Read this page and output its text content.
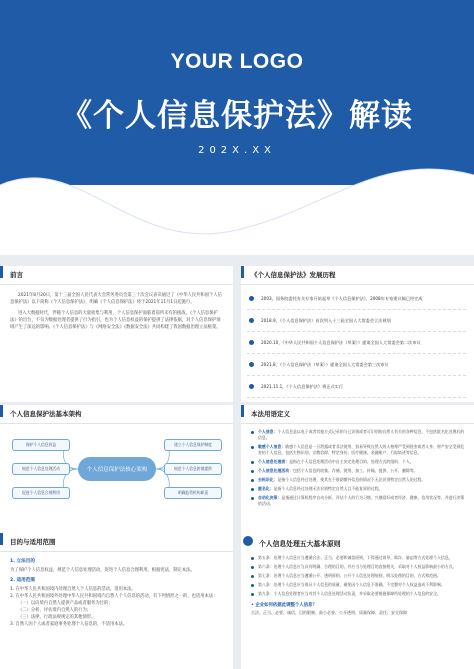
YOUR LOGO
《个人信息保护法》解读
202X.XX
前言

2021年8月20日，第十三届全国人民代表大会常务委员会第三十次会议表决通过了《中华人民共和国个人信息保护法》以下简称《个人信息保护法》，明确《个人信息保护法》将于2021年11月1日起施行。

进入大数据时代，伴随个人信息的大量收集与利用，个人信息保护面临着前所未有的挑战。《个人信息保护法》的出台，不仅为数据处理者提供了行为指引，也为个人信息权益的保护提供了法律依据，对个人信息保护领域产生了深远的影响。《个人信息保护法》与《网络安全法》《数据安全法》共同构建了我国数据治理立法框架。

《个人信息保护法》发展历程
2003，国务院委托有关专家开始起草《个人信息保护法》，2008年专家建议稿已经完成
2018.9，《个人信息保护法》首次列入十三届全国人大常委会立法规划
2020.10，《中华人民共和国个人信息保护法（草案）》提请全国人大常委会第二次审议
2021.8，《个人信息保护法（草案）》提请全国人大常委会第三次审议
2021.11.1，《个人信息保护法》将正式实行
个人信息保护法基本架构
个人信息保护法核心架构
保护个人信息权益
规范个人信息处理活动
促进个人信息合理利用
建立个人信息保护制度
规范个人信息跨境提供
明确监管机构职责
本法用语定义
个人信息：个人信息是以电子或者其他方式记录的与已识别或者可识别的自然人有关的各种信息，不包括匿名化处理后的信息。
敏感个人信息：敏感个人信息是一旦泄露或者非法使用，容易导致自然人的人格尊严受到侵害或者人身、财产安全受到危害的个人信息，包括生物识别、宗教信仰、特定身份、医疗健康、金融账户、行踪轨迹等信息。
个人信息处理者：是指在个人信息处理活动中自主决定处理目的、处理方式的组织、个人。
个人信息处理活动：包括个人信息的收集、存储、使用、加工、传输、提供、公开、删除等。
去标识化：是指个人信息经过处理，使其在不借助额外信息的情况下无法识别特定自然人的过程。
匿名化：是指个人信息经过处理无法识别特定自然人且不能复原的过程。
自动化决策：是指通过计算机程序自动分析、评估个人的行为习惯、兴趣爱好或者经济、健康、信用状况等，并进行决策的活动。
目的与适用范围
1. 立法目的
为了保护个人信息权益，规范个人信息处理活动，促进个人信息合理利用，根据宪法，制定本法。
2. 适用范围
1. 在中华人民共和国境内处理自然人个人信息的活动，适用本法。
2. 在中华人民共和国境外处理中华人民共和国境内自然人个人信息的活动，有下列情形之一的，也适用本法：
（一）以向境内自然人提供产品或者服务为目的；
（二）分析、评估境内自然人的行为；
（三）法律、行政法规规定的其他情形。
3. 自然人因个人或者家庭事务处理个人信息的，不适用本法。
个人信息处理五大基本原则
第五条：处理个人信息应当遵循合法、正当、必要和诚信原则，不得通过误导、欺诈、胁迫等方式处理个人信息。
第六条：处理个人信息应当具有明确、合理的目的，并应当与处理目的直接相关，采取对个人权益影响最小的方式。
第七条：处理个人信息应当遵循公开、透明原则，公开个人信息处理规则，明示处理的目的、方式和范围。
第八条：处理个人信息应当保证个人信息的质量，避免因个人信息不准确、不完整对个人权益造成不利影响。
第九条：个人信息处理者应当对其个人信息处理活动负责，并采取必要措施保障所处理的个人信息的安全。
• 企业如何依据此调整个人信息？
合法、正当、必要、诚信、目的限制、最小必要、公开透明、质量保障、责任、安全保障
